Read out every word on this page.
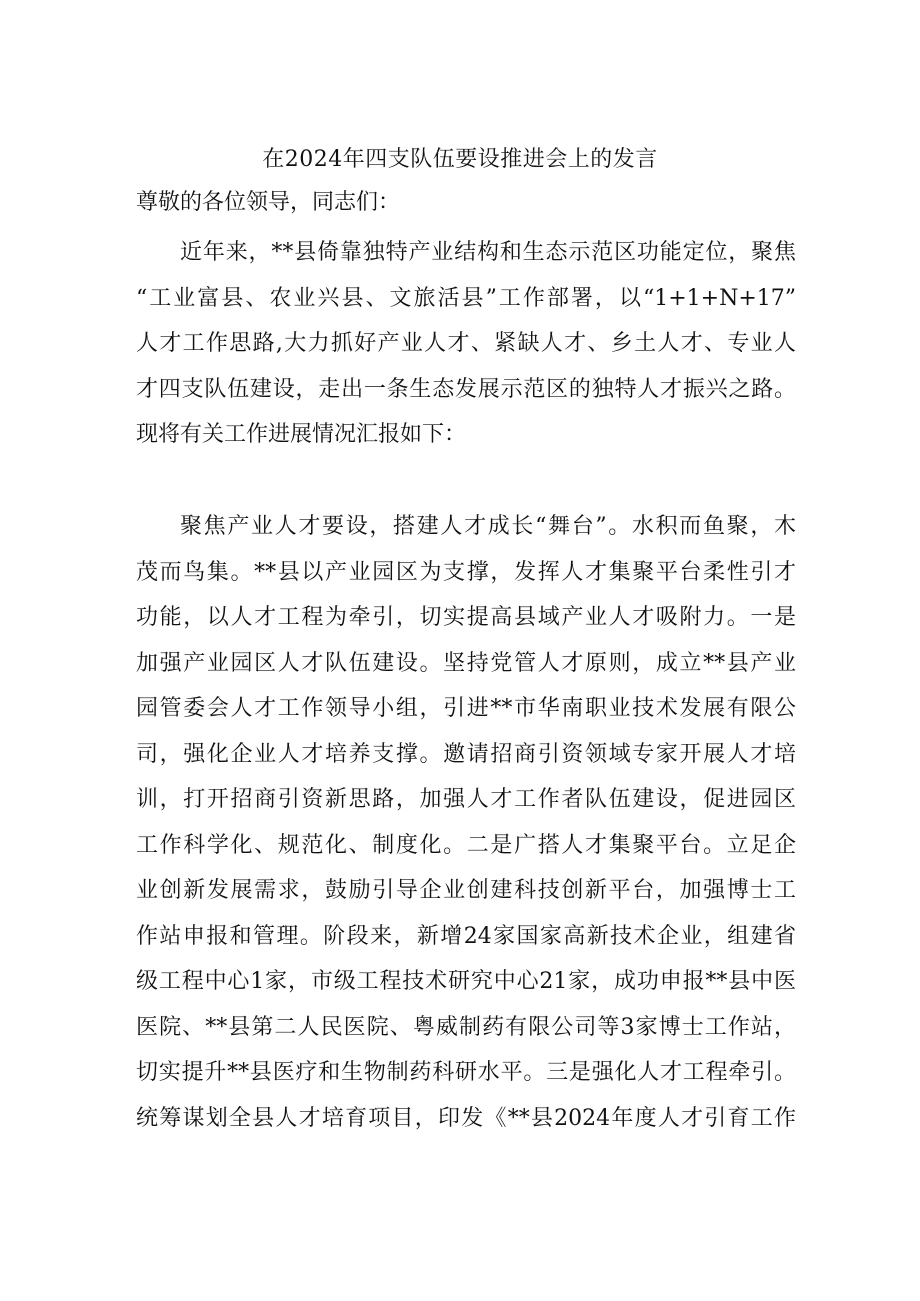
在2024年四支队伍要设推进会上的发言
尊敬的各位领导，同志们：
近年来，**县倚靠独特产业结构和生态示范区功能定位，聚焦
“工业富县、农业兴县、文旅活县”工作部署，以“1+1+N+17”
人才工作思路,大力抓好产业人才、紧缺人才、乡土人才、专业人
才四支队伍建设，走出一条生态发展示范区的独特人才振兴之路。
现将有关工作进展情况汇报如下：
聚焦产业人才要设，搭建人才成长“舞台”。水积而鱼聚，木
茂而鸟集。**县以产业园区为支撑，发挥人才集聚平台柔性引才
功能，以人才工程为牵引，切实提高县域产业人才吸附力。一是
加强产业园区人才队伍建设。坚持党管人才原则，成立**县产业
园管委会人才工作领导小组，引进**市华南职业技术发展有限公
司，强化企业人才培养支撑。邀请招商引资领域专家开展人才培
训，打开招商引资新思路，加强人才工作者队伍建设，促进园区
工作科学化、规范化、制度化。二是广搭人才集聚平台。立足企
业创新发展需求，鼓励引导企业创建科技创新平台，加强博士工
作站申报和管理。阶段来，新增24家国家高新技术企业，组建省
级工程中心1家，市级工程技术研究中心21家，成功申报**县中医
医院、**县第二人民医院、粤威制药有限公司等3家博士工作站，
切实提升**县医疗和生物制药科研水平。三是强化人才工程牵引。
统筹谋划全县人才培育项目，印发《**县2024年度人才引育工作
